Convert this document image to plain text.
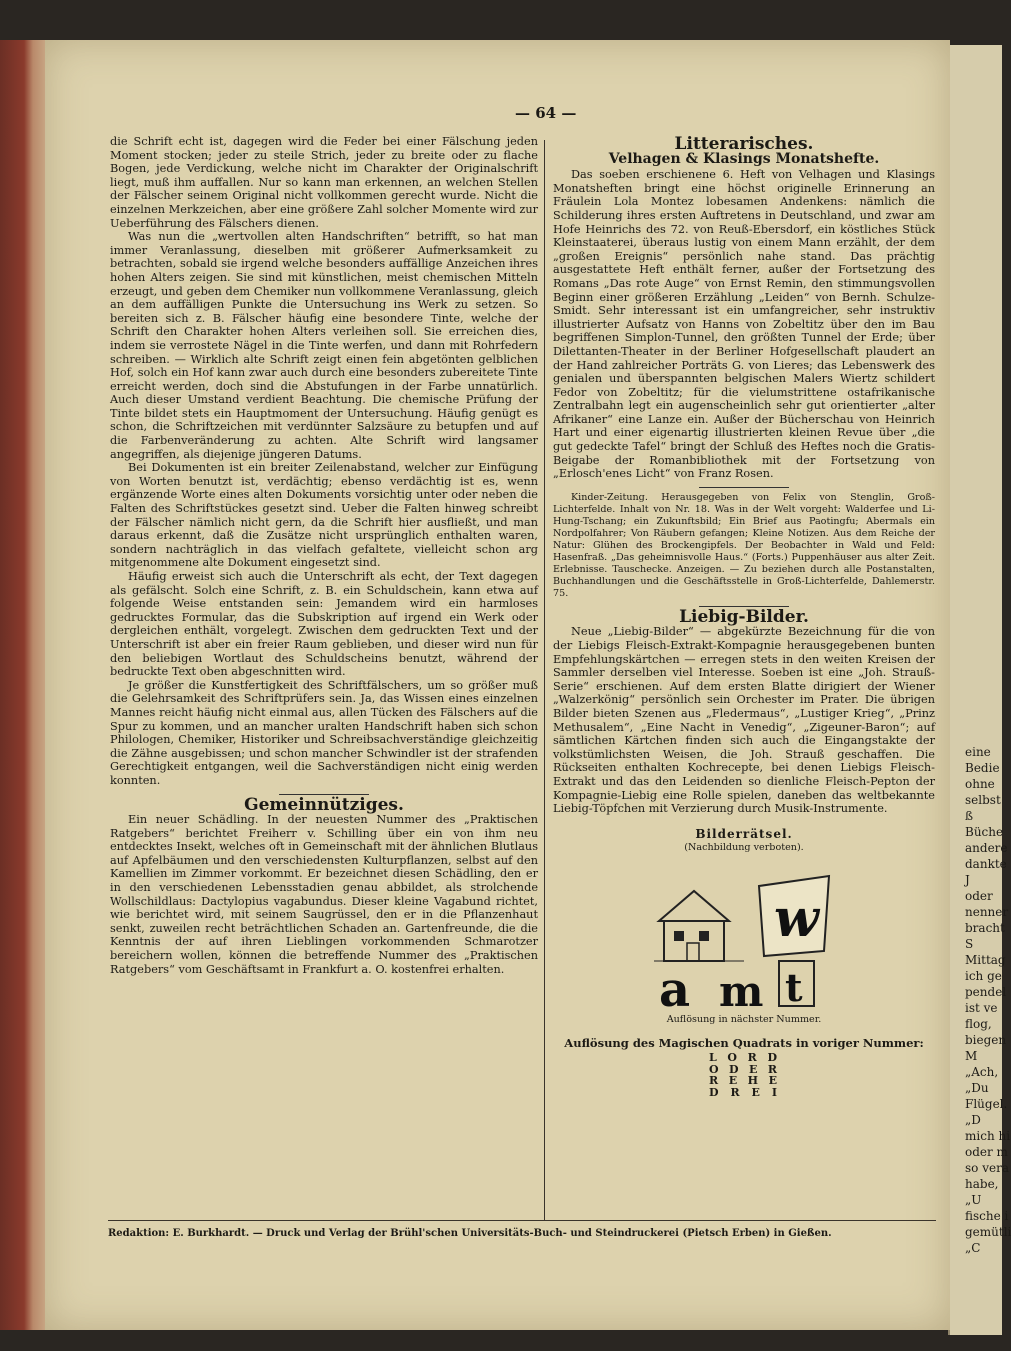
eine
Bedie
ohne
selbst
ß
Büche
andere
dankte
J
oder
nenner
bracht
S
Mittag
ich ge
pendel
ist ve
flog,
biegen
M
„Ach,
„Du
Flügel.
„D
mich hi
oder m
so vera
habe,
„U
fische i
gemütli
„C
— 64 —

die Schrift echt ist, dagegen wird die Feder bei einer Fälschung jeden Moment stocken; jeder zu steile Strich, jeder zu breite oder zu flache Bogen, jede Verdickung, welche nicht im Charakter der Originalschrift liegt, muß ihm auffallen. Nur so kann man erkennen, an welchen Stellen der Fälscher seinem Original nicht vollkommen gerecht wurde. Nicht die einzelnen Merkzeichen, aber eine größere Zahl solcher Momente wird zur Ueberführung des Fälschers dienen.

Was nun die „wertvollen alten Handschriften“ betrifft, so hat man immer Veranlassung, dieselben mit größerer Aufmerksamkeit zu betrachten, sobald sie irgend welche besonders auffällige Anzeichen ihres hohen Alters zeigen. Sie sind mit künstlichen, meist chemischen Mitteln erzeugt, und geben dem Chemiker nun vollkommene Veranlassung, gleich an dem auffälligen Punkte die Untersuchung ins Werk zu setzen. So bereiten sich z. B. Fälscher häufig eine besondere Tinte, welche der Schrift den Charakter hohen Alters verleihen soll. Sie erreichen dies, indem sie verrostete Nägel in die Tinte werfen, und dann mit Rohrfedern schreiben. — Wirklich alte Schrift zeigt einen fein abgetönten gelblichen Hof, solch ein Hof kann zwar auch durch eine besonders zubereitete Tinte erreicht werden, doch sind die Abstufungen in der Farbe unnatürlich. Auch dieser Umstand verdient Beachtung. Die chemische Prüfung der Tinte bildet stets ein Hauptmoment der Untersuchung. Häufig genügt es schon, die Schriftzeichen mit verdünnter Salzsäure zu betupfen und auf die Farbenveränderung zu achten. Alte Schrift wird langsamer angegriffen, als diejenige jüngeren Datums.

Bei Dokumenten ist ein breiter Zeilenabstand, welcher zur Einfügung von Worten benutzt ist, verdächtig; ebenso verdächtig ist es, wenn ergänzende Worte eines alten Dokuments vorsichtig unter oder neben die Falten des Schriftstückes gesetzt sind. Ueber die Falten hinweg schreibt der Fälscher nämlich nicht gern, da die Schrift hier ausfließt, und man daraus erkennt, daß die Zusätze nicht ursprünglich enthalten waren, sondern nachträglich in das vielfach gefaltete, vielleicht schon arg mitgenommene alte Dokument eingesetzt sind.

Häufig erweist sich auch die Unterschrift als echt, der Text dagegen als gefälscht. Solch eine Schrift, z. B. ein Schuldschein, kann etwa auf folgende Weise entstanden sein: Jemandem wird ein harmloses gedrucktes Formular, das die Subskription auf irgend ein Werk oder dergleichen enthält, vorgelegt. Zwischen dem gedruckten Text und der Unterschrift ist aber ein freier Raum geblieben, und dieser wird nun für den beliebigen Wortlaut des Schuldscheins benutzt, während der bedruckte Text oben abgeschnitten wird.

Je größer die Kunstfertigkeit des Schriftfälschers, um so größer muß die Gelehrsamkeit des Schriftprüfers sein. Ja, das Wissen eines einzelnen Mannes reicht häufig nicht einmal aus, allen Tücken des Fälschers auf die Spur zu kommen, und an mancher uralten Handschrift haben sich schon Philologen, Chemiker, Historiker und Schreibsachverständige gleichzeitig die Zähne ausgebissen; und schon mancher Schwindler ist der strafenden Gerechtigkeit entgangen, weil die Sachverständigen nicht einig werden konnten.

Gemeinnütziges.

Ein neuer Schädling. In der neuesten Nummer des „Praktischen Ratgebers“ berichtet Freiherr v. Schilling über ein von ihm neu entdecktes Insekt, welches oft in Gemeinschaft mit der ähnlichen Blutlaus auf Apfelbäumen und den verschiedensten Kulturpflanzen, selbst auf den Kamellien im Zimmer vorkommt. Er bezeichnet diesen Schädling, den er in den verschiedenen Lebensstadien genau abbildet, als strolchende Wollschildlaus: Dactylopius vagabundus. Dieser kleine Vagabund richtet, wie berichtet wird, mit seinem Saugrüssel, den er in die Pflanzenhaut senkt, zuweilen recht beträchtlichen Schaden an. Gartenfreunde, die die Kenntnis der auf ihren Lieblingen vorkommenden Schmarotzer bereichern wollen, können die betreffende Nummer des „Praktischen Ratgebers“ vom Geschäftsamt in Frankfurt a. O. kostenfrei erhalten.

Litterarisches.
Velhagen & Klasings Monatshefte.

Das soeben erschienene 6. Heft von Velhagen und Klasings Monatsheften bringt eine höchst originelle Erinnerung an Fräulein Lola Montez lobesamen Andenkens: nämlich die Schilderung ihres ersten Auftretens in Deutschland, und zwar am Hofe Heinrichs des 72. von Reuß-Ebersdorf, ein köstliches Stück Kleinstaaterei, überaus lustig von einem Mann erzählt, der dem „großen Ereignis“ persönlich nahe stand. Das prächtig ausgestattete Heft enthält ferner, außer der Fortsetzung des Romans „Das rote Auge“ von Ernst Remin, den stimmungsvollen Beginn einer größeren Erzählung „Leiden“ von Bernh. Schulze-Smidt. Sehr interessant ist ein umfangreicher, sehr instruktiv illustrierter Aufsatz von Hanns von Zobeltitz über den im Bau begriffenen Simplon-Tunnel, den größten Tunnel der Erde; über Dilettanten-Theater in der Berliner Hofgesellschaft plaudert an der Hand zahlreicher Porträts G. von Lieres; das Lebenswerk des genialen und überspannten belgischen Malers Wiertz schildert Fedor von Zobeltitz; für die vielumstrittene ostafrikanische Zentralbahn legt ein augenscheinlich sehr gut orientierter „alter Afrikaner“ eine Lanze ein. Außer der Bücherschau von Heinrich Hart und einer eigenartig illustrierten kleinen Revue über „die gut gedeckte Tafel“ bringt der Schluß des Heftes noch die Gratis-Beigabe der Romanbibliothek mit der Fortsetzung von „Erlosch'enes Licht“ von Franz Rosen.

Kinder-Zeitung. Herausgegeben von Felix von Stenglin, Groß-Lichterfelde. Inhalt von Nr. 18. Was in der Welt vorgeht: Walderfee und Li-Hung-Tschang; ein Zukunftsbild; Ein Brief aus Paotingfu; Abermals ein Nordpolfahrer; Von Räubern gefangen; Kleine Notizen. Aus dem Reiche der Natur: Glühen des Brockengipfels. Der Beobachter in Wald und Feld: Hasenfraß. „Das geheimnisvolle Haus.“ (Forts.) Puppenhäuser aus alter Zeit. Erlebnisse. Tauschecke. Anzeigen. — Zu beziehen durch alle Postanstalten, Buchhandlungen und die Geschäftsstelle in Groß-Lichterfelde, Dahlemerstr. 75.

Liebig-Bilder.

Neue „Liebig-Bilder“ — abgekürzte Bezeichnung für die von der Liebigs Fleisch-Extrakt-Kompagnie herausgegebenen bunten Empfehlungskärtchen — erregen stets in den weiten Kreisen der Sammler derselben viel Interesse. Soeben ist eine „Joh. Strauß-Serie“ erschienen. Auf dem ersten Blatte dirigiert der Wiener „Walzerkönig“ persönlich sein Orchester im Prater. Die übrigen Bilder bieten Szenen aus „Fledermaus“, „Lustiger Krieg“, „Prinz Methusalem“, „Eine Nacht in Venedig“, „Zigeuner-Baron“; auf sämtlichen Kärtchen finden sich auch die Eingangstakte der volkstümlichsten Weisen, die Joh. Strauß geschaffen. Die Rückseiten enthalten Kochrecepte, bei denen Liebigs Fleisch-Extrakt und das den Leidenden so dienliche Fleisch-Pepton der Kompagnie-Liebig eine Rolle spielen, daneben das weltbekannte Liebig-Töpfchen mit Verzierung durch Musik-Instrumente.

Bilderrätsel.
(Nachbildung verboten).
w
a m t
Auflösung in nächster Nummer.
Auflösung des Magischen Quadrats in voriger Nummer:
L O R D
O D E R
R E H E
D R E I
Redaktion: E. Burkhardt. — Druck und Verlag der Brühl'schen Universitäts-Buch- und Steindruckerei (Pietsch Erben) in Gießen.
